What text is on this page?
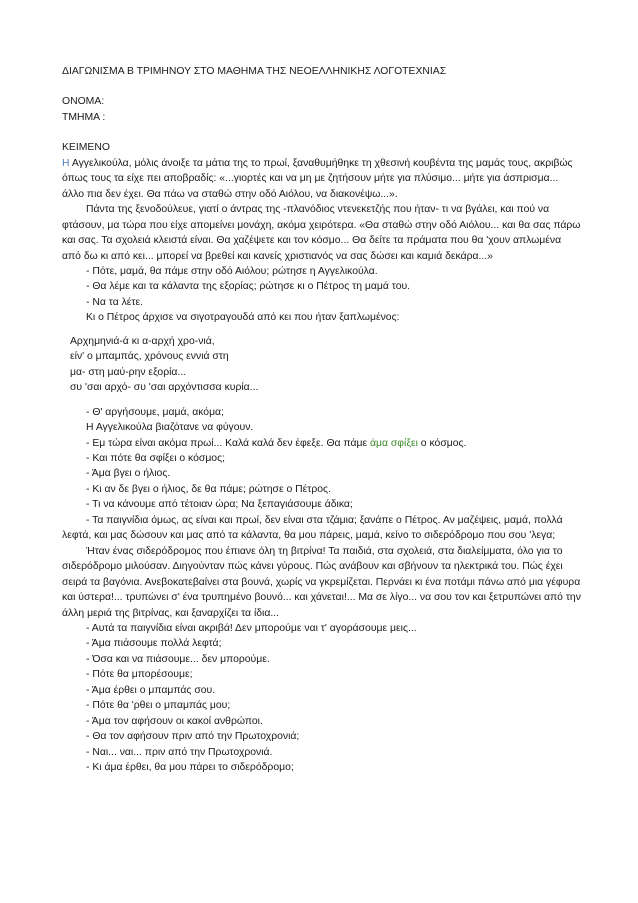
ΔΙΑΓΩΝΙΣΜΑ Β ΤΡΙΜΗΝΟΥ ΣΤΟ ΜΑΘΗΜΑ ΤΗΣ ΝΕΟΕΛΛΗΝΙΚΗΣ ΛΟΓΟΤΕΧΝΙΑΣ

ΟΝΟΜΑ:

ΤΜΗΜΑ :

ΚΕΙΜΕΝΟ

Η Αγγελικούλα, μόλις άνοιξε τα μάτια της το πρωί, ξαναθυμήθηκε τη χθεσινή κουβέντα της μαμάς τους, ακριβώς όπως τους τα είχε πει αποβραδίς: «...γιορτές και να μη με ζητήσουν μήτε για πλύσιμο... μήτε για άσπρισμα... άλλο πια δεν έχει. Θα πάω να σταθώ στην οδό Αιόλου, να διακονέψω...».

Πάντα της ξενοδούλευε, γιατί ο άντρας της -πλανόδιος ντενεκετζής που ήταν- τι να βγάλει, και πού να φτάσουν, μα τώρα που είχε απομείνει μονάχη, ακόμα χειρότερα. «Θα σταθώ στην οδό Αιόλου... και θα σας πάρω και σας. Τα σχολειά κλειστά είναι. Θα χαζέψετε και τον κόσμο... Θα δείτε τα πράματα που θα 'χουν απλωμένα από δω κι από κει... μπορεί να βρεθεί και κανείς χριστιανός να σας δώσει και καμιά δεκάρα...»

- Πότε, μαμά, θα πάμε στην οδό Αιόλου; ρώτησε η Αγγελικούλα.

- Θα λέμε και τα κάλαντα της εξορίας; ρώτησε κι ο Πέτρος τη μαμά του.

- Να τα λέτε.

Κι ο Πέτρος άρχισε να σιγοτραγουδά από κει που ήταν ξαπλωμένος:

Αρχημηνιά-ά κι α-αρχή χρο-νιά,

είν' ο μπαμπάς, χρόνους εννιά στη

μα- στη μαύ-ρην εξορία...

συ 'σαι αρχό- συ 'σαι αρχόντισσα κυρία...

- Θ' αργήσουμε, μαμά, ακόμα;

Η Αγγελικούλα βιαζότανε να φύγουν.

- Εμ τώρα είναι ακόμα πρωί... Καλά καλά δεν έφεξε. Θα πάμε άμα σφίξει ο κόσμος.

- Και πότε θα σφίξει ο κόσμος;

- Άμα βγει ο ήλιος.

- Κι αν δε βγει ο ήλιος, δε θα πάμε; ρώτησε ο Πέτρος.

- Τι να κάνουμε από τέτοιαν ώρα; Να ξεπαγιάσουμε άδικα;

- Τα παιγνίδια όμως, ας είναι και πρωί, δεν είναι στα τζάμια; ξανάπε ο Πέτρος. Αν μαζέψεις, μαμά, πολλά λεφτά, και μας δώσουν και μας από τα κάλαντα, θα μου πάρεις, μαμά, κείνο το σιδερόδρομο που σου 'λεγα;

Ήταν ένας σιδερόδρομος που έπιανε όλη τη βιτρίνα! Τα παιδιά, στα σχολειά, στα διαλείμματα, όλο για το σιδερόδρομο μιλούσαν. Διηγούνταν πώς κάνει γύρους. Πώς ανάβουν και σβήνουν τα ηλεκτρικά του. Πώς έχει σειρά τα βαγόνια. Ανεβοκατεβαίνει στα βουνά, χωρίς να γκρεμίζεται. Περνάει κι ένα ποτάμι πάνω από μια γέφυρα και ύστερα!... τρυπώνει σ' ένα τρυπημένο βουνό... και χάνεται!... Μα σε λίγο... να σου τον και ξετρυπώνει από την άλλη μεριά της βιτρίνας, και ξαναρχίζει τα ίδια...

- Αυτά τα παιγνίδια είναι ακριβά! Δεν μπορούμε ναι τ' αγοράσουμε μεις...

- Άμα πιάσουμε πολλά λεφτά;

- Όσα και να πιάσουμε... δεν μπορούμε.

- Πότε θα μπορέσουμε;

- Άμα έρθει ο μπαμπάς σου.

- Πότε θα 'ρθει ο μπαμπάς μου;

- Άμα τον αφήσουν οι κακοί ανθρώποι.

- Θα τον αφήσουν πριν από την Πρωτοχρονιά;

- Ναι... ναι... πριν από την Πρωτοχρονιά.

- Κι άμα έρθει, θα μου πάρει το σιδερόδρομο;
